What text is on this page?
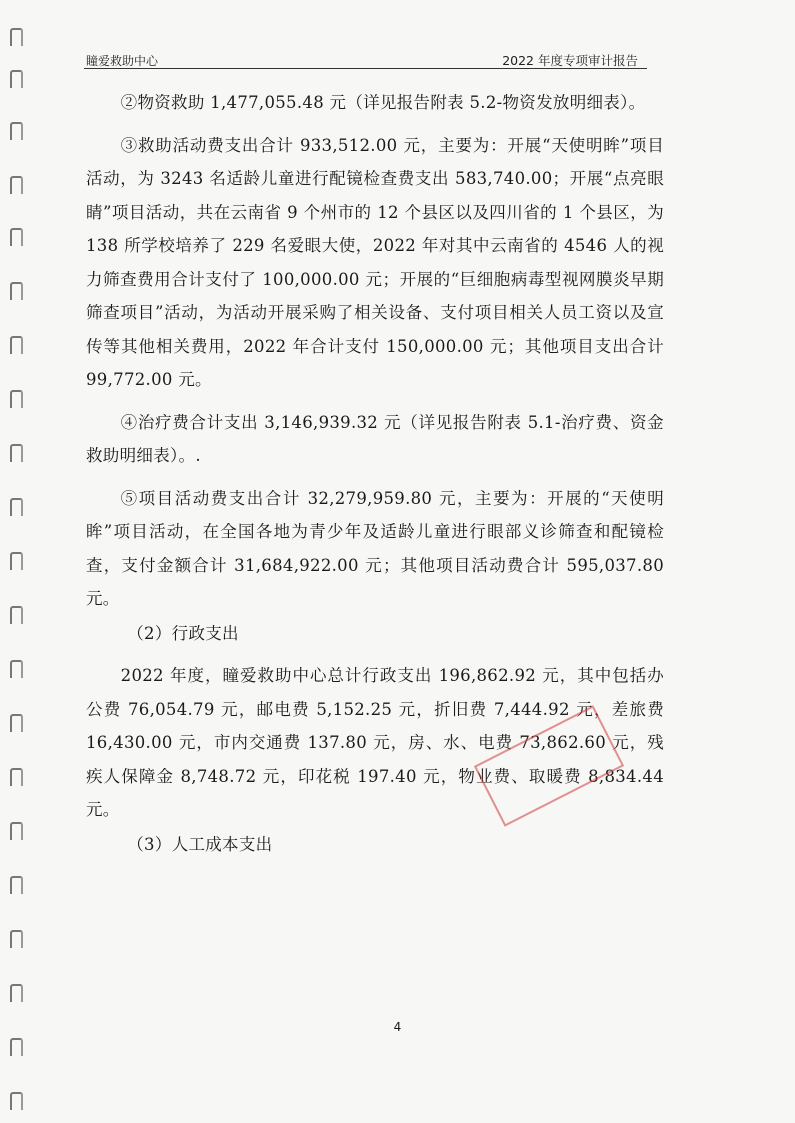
瞳爱救助中心	2022 年度专项审计报告

②物资救助 1,477,055.48 元（详见报告附表 5.2-物资发放明细表）。

③救助活动费支出合计 933,512.00 元，主要为：开展“天使明眸”项目活动，为 3243 名适龄儿童进行配镜检查费支出 583,740.00；开展“点亮眼睛”项目活动，共在云南省 9 个州市的 12 个县区以及四川省的 1 个县区，为 138 所学校培养了 229 名爱眼大使，2022 年对其中云南省的 4546 人的视力筛查费用合计支付了 100,000.00 元；开展的“巨细胞病毒型视网膜炎早期筛查项目”活动，为活动开展采购了相关设备、支付项目相关人员工资以及宣传等其他相关费用，2022 年合计支付 150,000.00 元；其他项目支出合计 99,772.00 元。

④治疗费合计支出 3,146,939.32 元（详见报告附表 5.1-治疗费、资金救助明细表）。.

⑤项目活动费支出合计 32,279,959.80 元，主要为：开展的“天使明眸”项目活动，在全国各地为青少年及适龄儿童进行眼部义诊筛查和配镜检查，支付金额合计 31,684,922.00 元；其他项目活动费合计 595,037.80 元。

（2）行政支出

2022 年度，瞳爱救助中心总计行政支出 196,862.92 元，其中包括办公费 76,054.79 元，邮电费 5,152.25 元，折旧费 7,444.92 元，差旅费 16,430.00 元，市内交通费 137.80 元，房、水、电费 73,862.60 元，残疾人保障金 8,748.72 元，印花税 197.40 元，物业费、取暖费 8,834.44 元。

（3）人工成本支出

4
